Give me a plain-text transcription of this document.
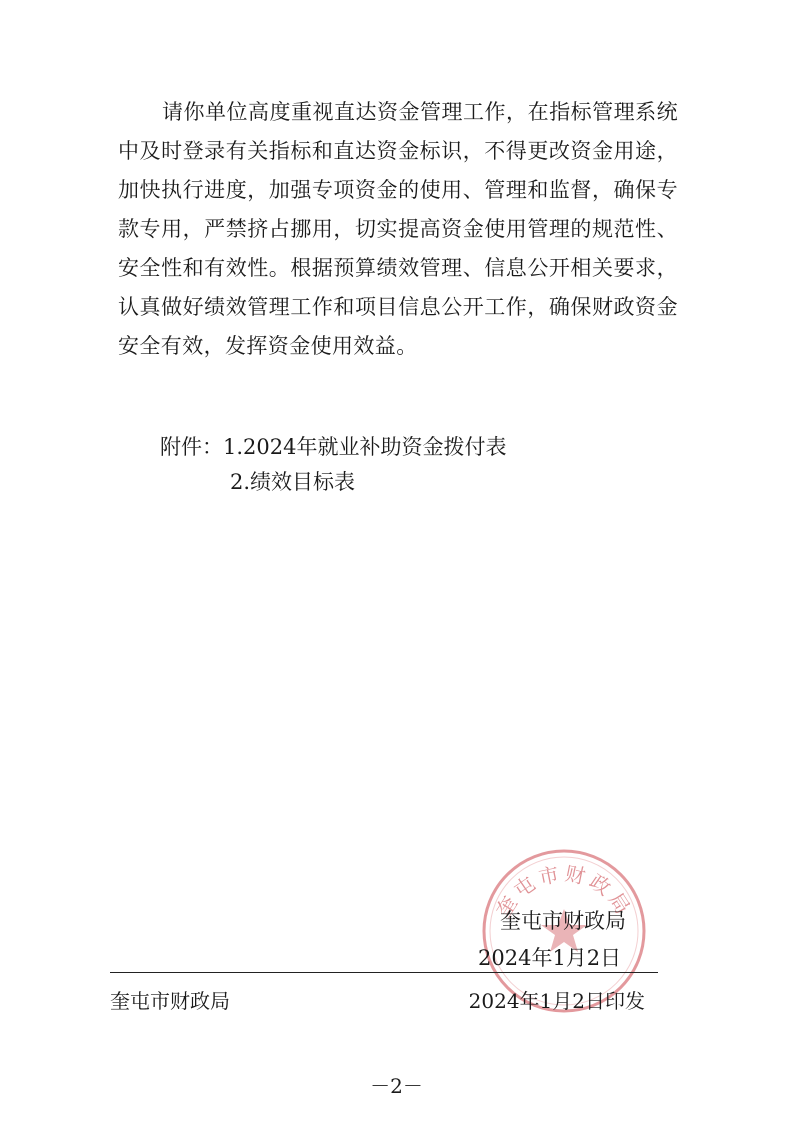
请你单位高度重视直达资金管理工作，在指标管理系统中及时登录有关指标和直达资金标识，不得更改资金用途，加快执行进度，加强专项资金的使用、管理和监督，确保专款专用，严禁挤占挪用，切实提高资金使用管理的规范性、安全性和有效性。根据预算绩效管理、信息公开相关要求，认真做好绩效管理工作和项目信息公开工作，确保财政资金安全有效，发挥资金使用效益。

附件：1.2024年就业补助资金拨付表
2.绩效目标表
奎屯市财政局
奎屯市财政局
2024年1月2日
奎屯市财政局	2024年1月2日印发
－2－
